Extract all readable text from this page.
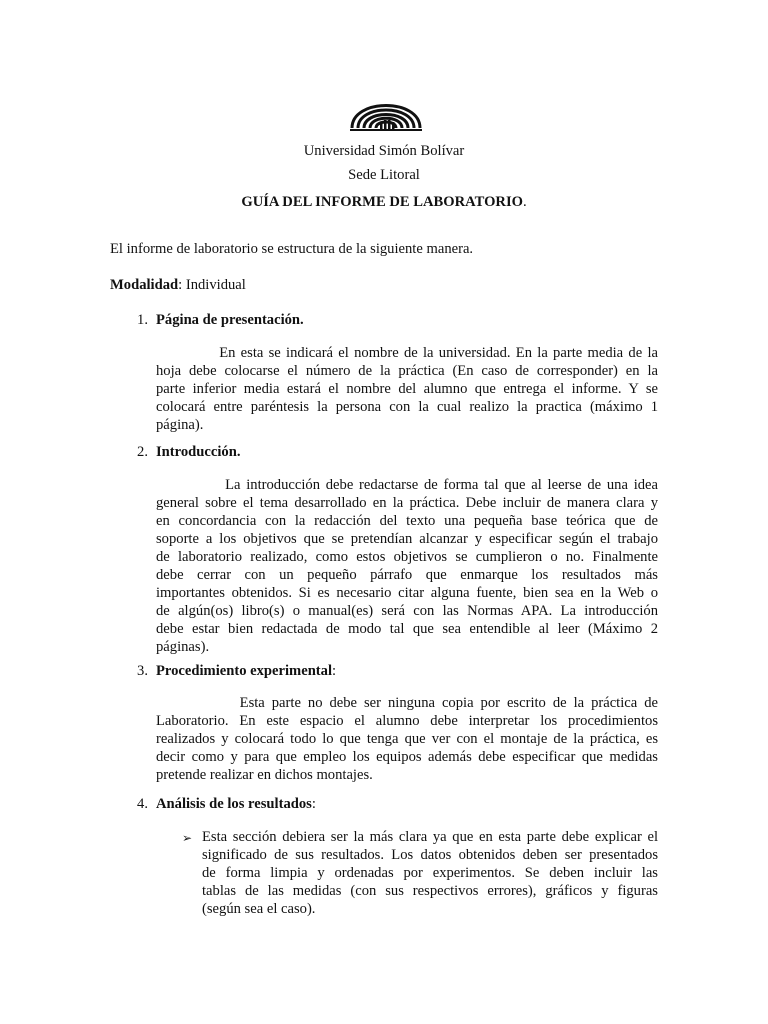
Universidad Simón Bolívar
Sede Litoral
GUÍA DEL INFORME DE LABORATORIO.
El informe de laboratorio se estructura de la siguiente manera.
Modalidad: Individual
1. Página de presentación.

En esta se indicará el nombre de la universidad. En la parte media de la

hoja debe colocarse el número de la práctica (En caso de corresponder) en la

parte inferior media estará el nombre del alumno que entrega el informe. Y se

colocará entre paréntesis la persona con la cual realizo la practica (máximo 1

página).

2. Introducción.

La introducción debe redactarse de forma tal que al leerse de una idea

general sobre el tema desarrollado en la práctica. Debe incluir de manera clara y

en concordancia con la redacción del texto una pequeña base teórica que de

soporte a los objetivos que se pretendían alcanzar y especificar según el trabajo

de laboratorio realizado, como estos objetivos se cumplieron o no. Finalmente

debe cerrar con un pequeño párrafo que enmarque los resultados más

importantes obtenidos. Si es necesario citar alguna fuente, bien sea en la Web o

de algún(os) libro(s) o manual(es) será con las Normas APA. La introducción

debe estar bien redactada de modo tal que sea entendible al leer (Máximo 2

páginas).

3. Procedimiento experimental:

Esta parte no debe ser ninguna copia por escrito de la práctica de

Laboratorio. En este espacio el alumno debe interpretar los procedimientos

realizados y colocará todo lo que tenga que ver con el montaje de la práctica, es

decir como y para que empleo los equipos además debe especificar que medidas

pretende realizar en dichos montajes.

4. Análisis de los resultados:
➢ Esta sección debiera ser la más clara ya que en esta parte debe explicar el

significado de sus resultados. Los datos obtenidos deben ser presentados

de forma limpia y ordenadas por experimentos. Se deben incluir las

tablas de las medidas (con sus respectivos errores), gráficos y figuras

(según sea el caso).
